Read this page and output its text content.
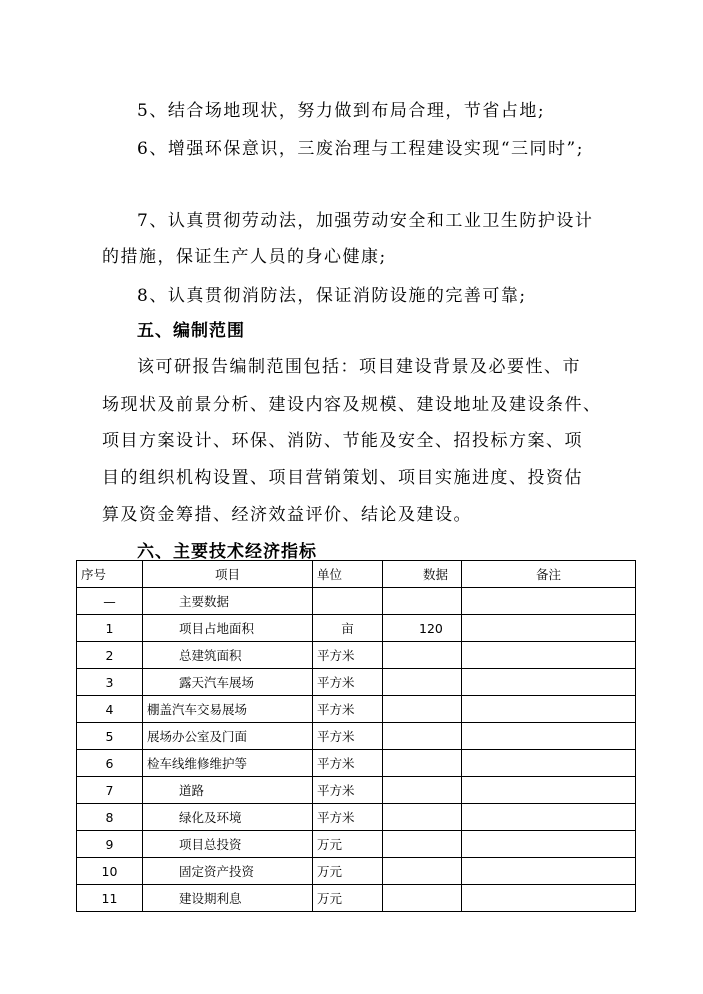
5、结合场地现状，努力做到布局合理，节省占地;
6、增强环保意识，三废治理与工程建设实现“三同时”;
7、认真贯彻劳动法，加强劳动安全和工业卫生防护设计
的措施，保证生产人员的身心健康;
8、认真贯彻消防法，保证消防设施的完善可靠;
五、编制范围
该可研报告编制范围包括：项目建设背景及必要性、市
场现状及前景分析、建设内容及规模、建设地址及建设条件、
项目方案设计、环保、消防、节能及安全、招投标方案、项
目的组织机构设置、项目营销策划、项目实施进度、投资估
算及资金筹措、经济效益评价、结论及建设。
六、主要技术经济指标
序号	项目	单位	数据	备注
—	主要数据			
1	项目占地面积	亩	120	
2	总建筑面积	平方米		
3	露天汽车展场	平方米		
4	棚盖汽车交易展场	平方米		
5	展场办公室及门面	平方米		
6	检车线维修维护等	平方米		
7	道路	平方米		
8	绿化及环境	平方米		
9	项目总投资	万元		
10	固定资产投资	万元		
11	建设期利息	万元		
